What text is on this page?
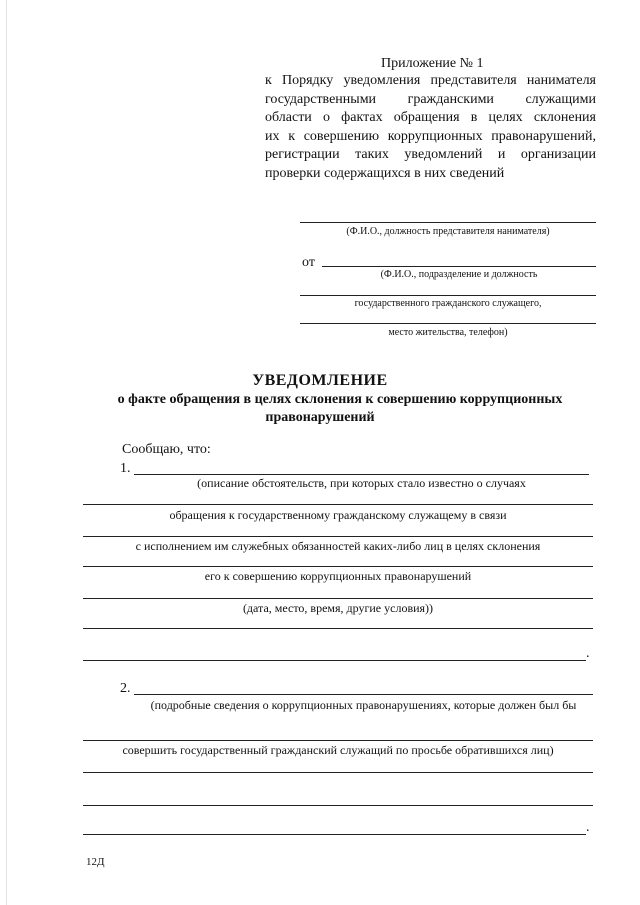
Приложение № 1
к Порядку уведомления представителя нанимателя
государственными гражданскими служащими
области о фактах обращения в целях склонения
их к совершению коррупционных правонарушений,
регистрации таких уведомлений и организации
проверки содержащихся в них сведений
(Ф.И.О., должность представителя нанимателя)
от
(Ф.И.О., подразделение и должность
государственного гражданского служащего,
место жительства, телефон)
УВЕДОМЛЕНИЕ
о факте обращения в целях склонения к совершению коррупционных
правонарушений
Сообщаю, что:
1.
(описание обстоятельств, при которых стало известно о случаях
обращения к государственному гражданскому служащему в связи
с исполнением им служебных обязанностей каких-либо лиц в целях склонения
его к совершению коррупционных правонарушений
(дата, место, время, другие условия))
.
2.
(подробные сведения о коррупционных правонарушениях, которые должен был бы
совершить государственный гражданский служащий по просьбе обратившихся лиц)
.
12Д
